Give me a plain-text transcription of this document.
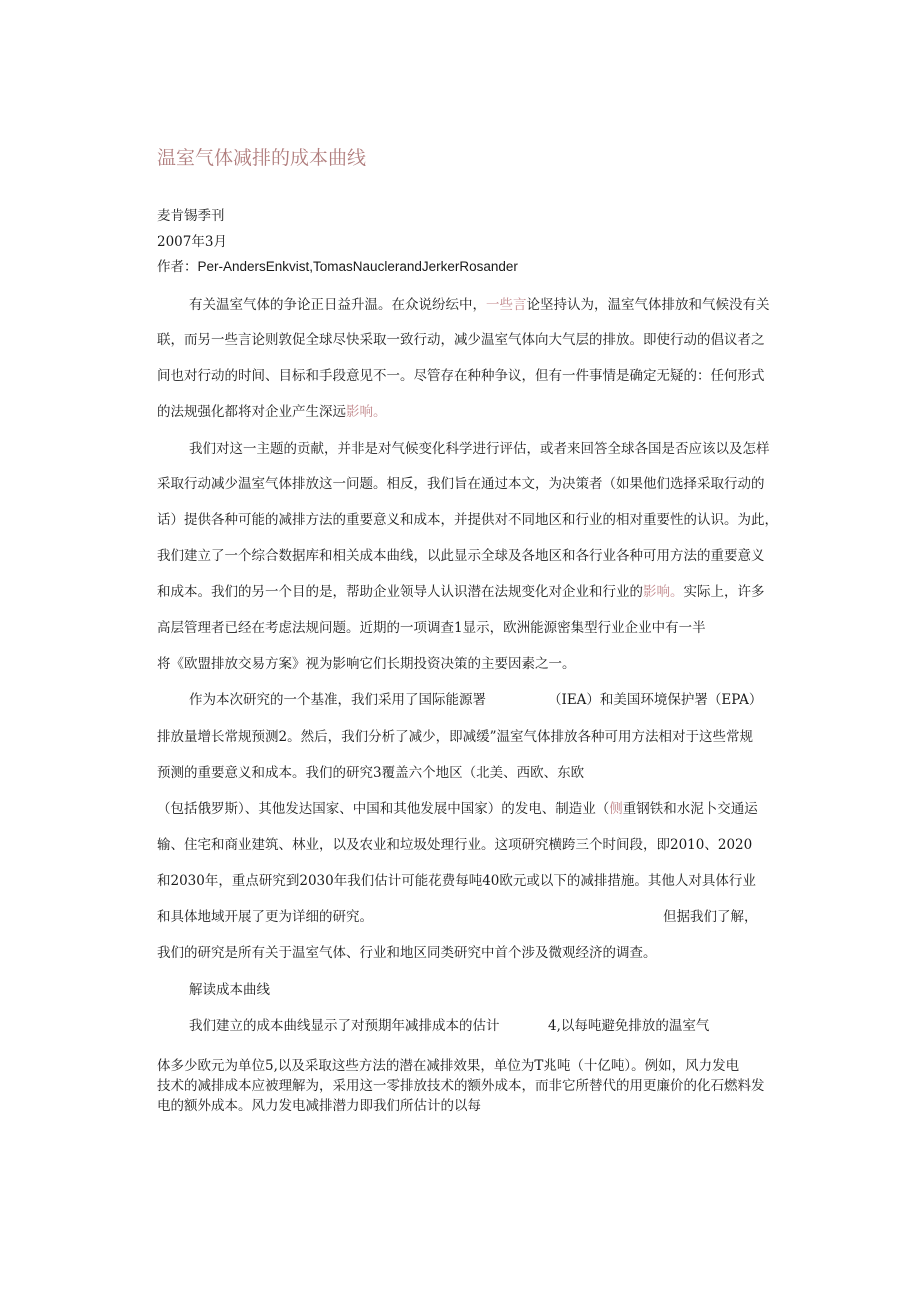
温室气体减排的成本曲线
麦肯锡季刊
2007年3月
作者：Per-AndersEnkvist,TomasNauclerandJerkerRosander
有关温室气体的争论正日益升温。在众说纷纭中，一些言论坚持认为，温室气体排放和气候没有关
联，而另一些言论则敦促全球尽快采取一致行动，减少温室气体向大气层的排放。即使行动的倡议者之
间也对行动的时间、目标和手段意见不一。尽管存在种种争议，但有一件事情是确定无疑的：任何形式
的法规强化都将对企业产生深远影响。
我们对这一主题的贡献，并非是对气候变化科学进行评估，或者来回答全球各国是否应该以及怎样
采取行动减少温室气体排放这一问题。相反，我们旨在通过本文，为决策者（如果他们选择采取行动的
话）提供各种可能的减排方法的重要意义和成本，并提供对不同地区和行业的相对重要性的认识。为此，
我们建立了一个综合数据库和相关成本曲线，以此显示全球及各地区和各行业各种可用方法的重要意义
和成本。我们的另一个目的是，帮助企业领导人认识潜在法规变化对企业和行业的影响。实际上，许多
高层管理者已经在考虑法规问题。近期的一项调查1显示，欧洲能源密集型行业企业中有一半
将《欧盟排放交易方案》视为影响它们长期投资决策的主要因素之一。
作为本次研究的一个基准，我们采用了国际能源署	（IEA）和美国环境保护署（EPA）
排放量增长常规预测2。然后，我们分析了减少，即减缓”温室气体排放各种可用方法相对于这些常规
预测的重要意义和成本。我们的研究3覆盖六个地区（北美、西欧、东欧
（包括俄罗斯）、其他发达国家、中国和其他发展中国家）的发电、制造业（侧重钢铁和水泥卜交通运
输、住宅和商业建筑、林业，以及农业和垃圾处理行业。这项研究横跨三个时间段，即2010、2020
和2030年，重点研究到2030年我们估计可能花费每吨40欧元或以下的减排措施。其他人对具体行业
和具体地域开展了更为详细的研究。	但据我们了解，
我们的研究是所有关于温室气体、行业和地区同类研究中首个涉及微观经济的调查。
解读成本曲线
我们建立的成本曲线显示了对预期年减排成本的估计	4,以每吨避免排放的温室气
体多少欧元为单位5,以及采取这些方法的潜在减排效果，单位为T兆吨（十亿吨）。例如，风力发电
技术的减排成本应被理解为，采用这一零排放技术的额外成本，而非它所替代的用更廉价的化石燃料发
电的额外成本。风力发电减排潜力即我们所估计的以每
